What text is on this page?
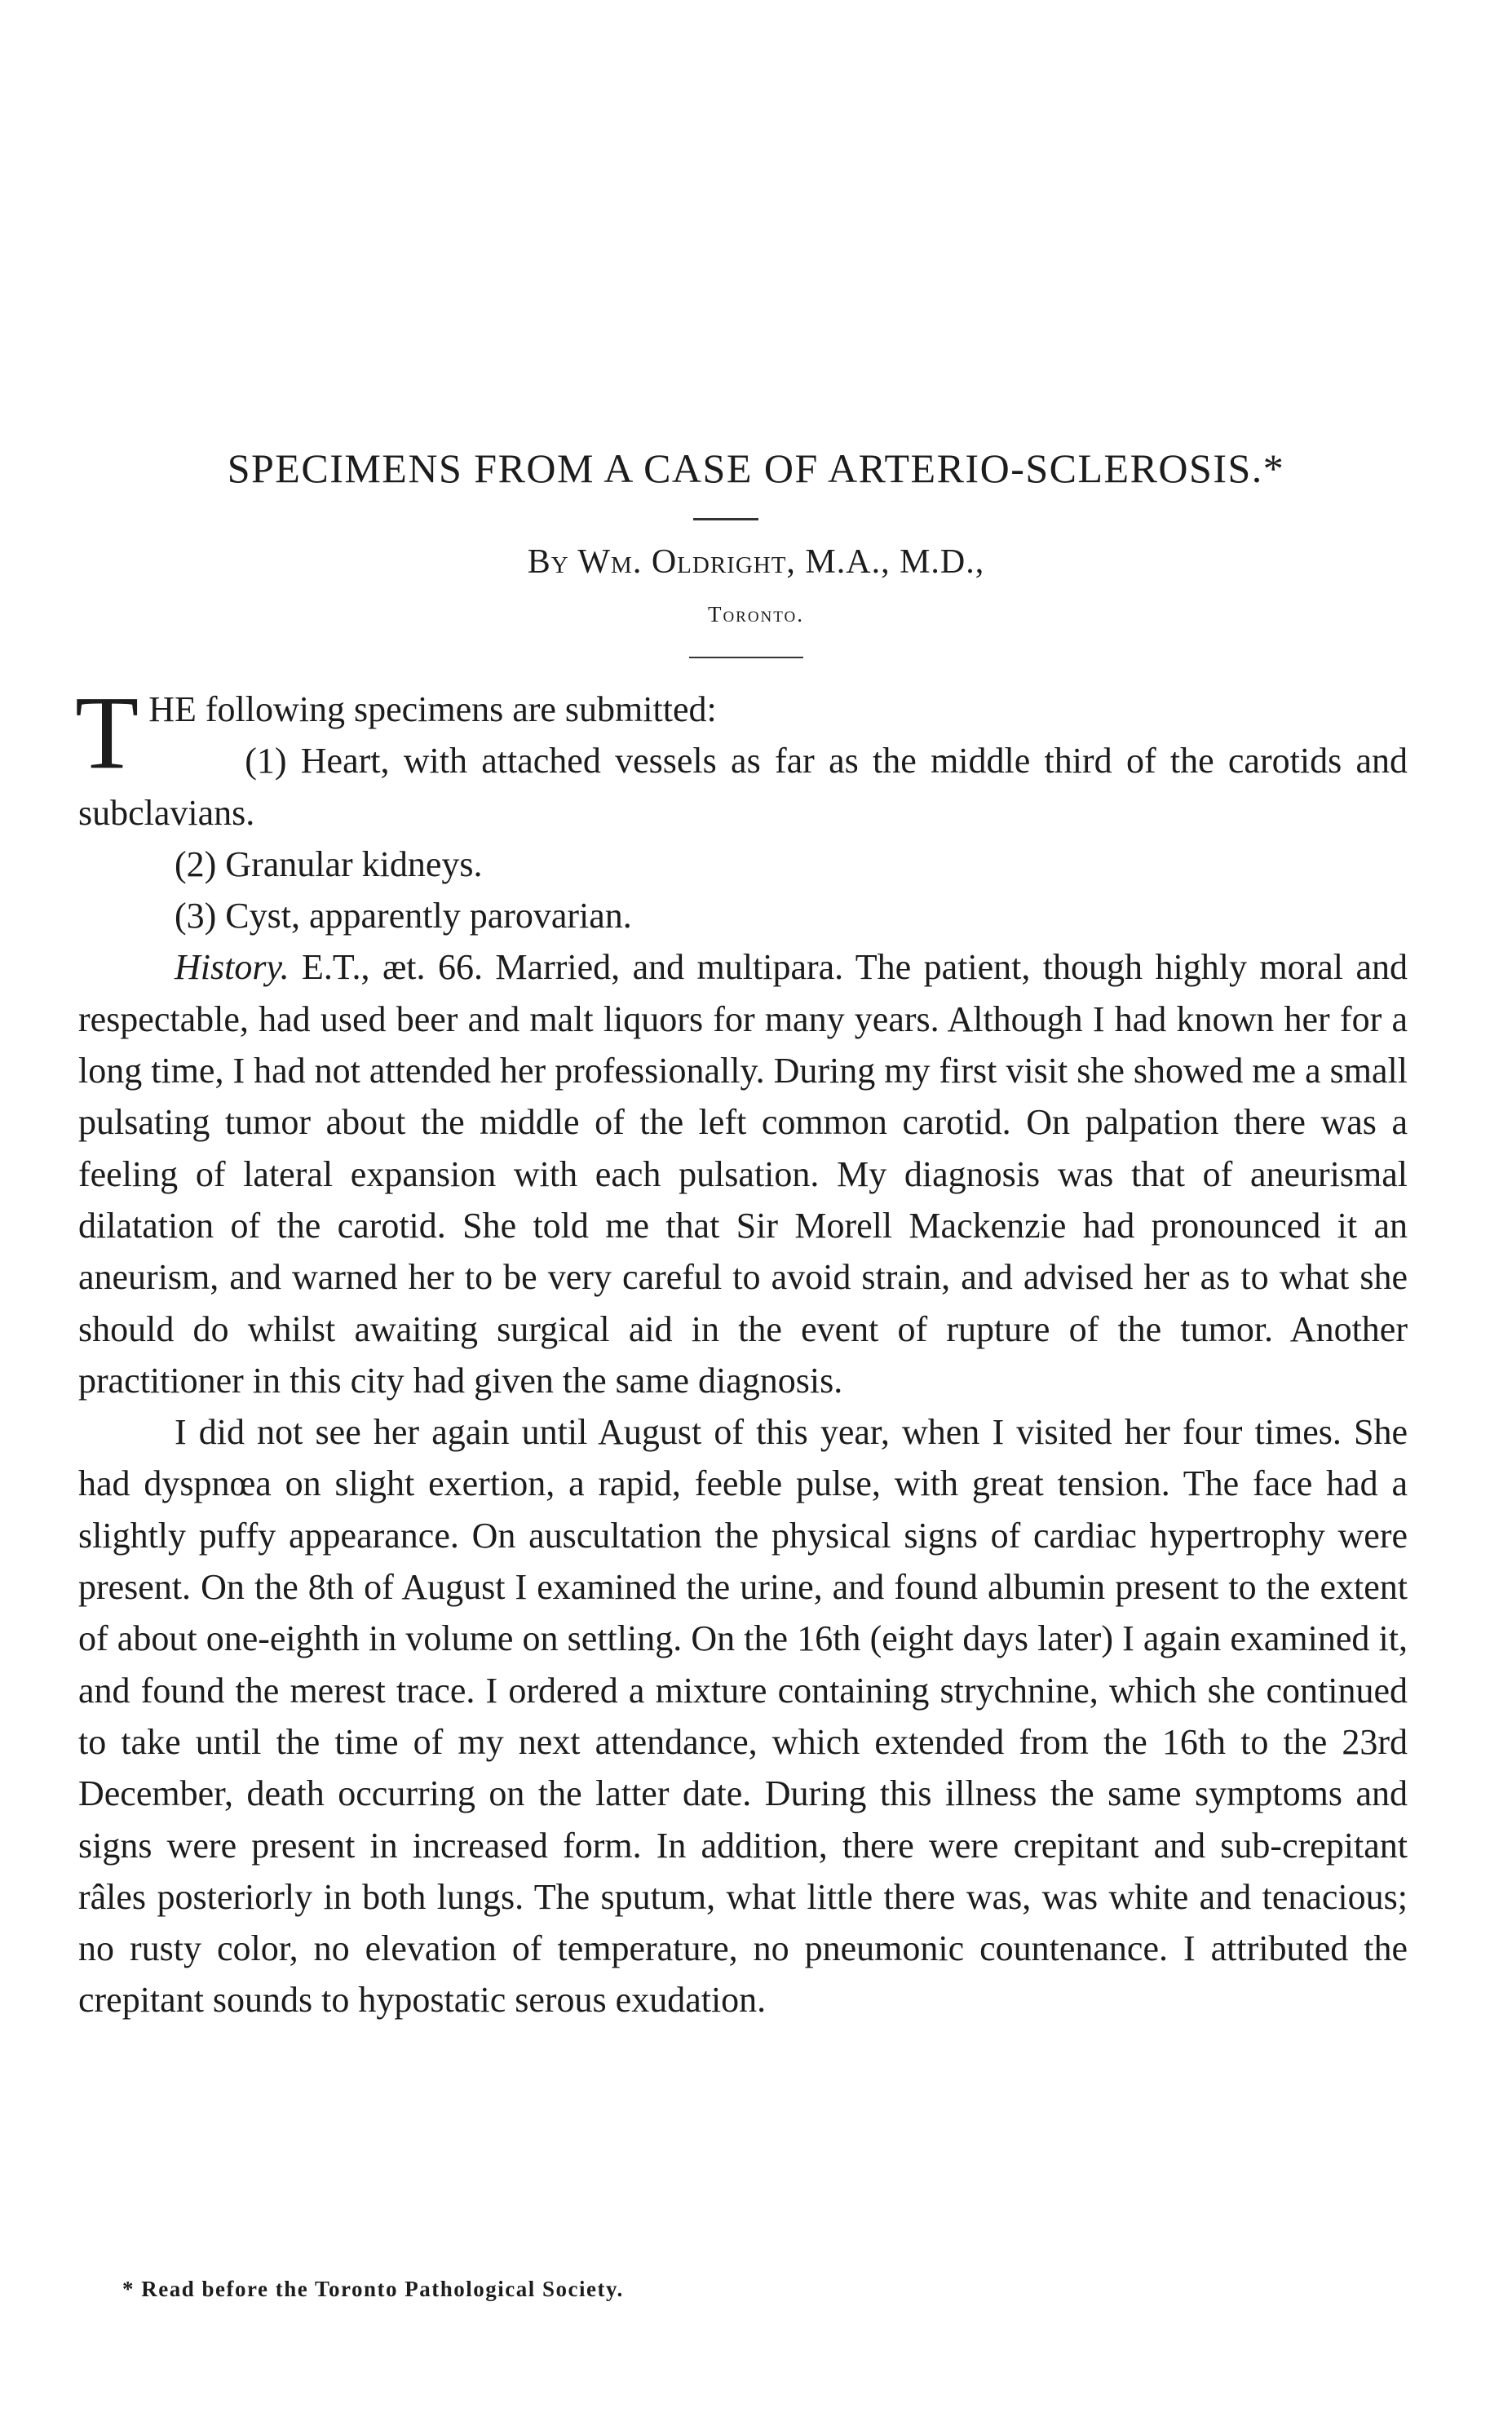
SPECIMENS FROM A CASE OF ARTERIO-SCLEROSIS.*

By Wm. Oldright, M.A., M.D.,

Toronto.

THE following specimens are submitted:

(1) Heart, with attached vessels as far as the middle third of the carotids and subclavians.

(2) Granular kidneys.

(3) Cyst, apparently parovarian.

History. E.T., æt. 66. Married, and multipara. The patient, though highly moral and respectable, had used beer and malt liquors for many years. Although I had known her for a long time, I had not attended her professionally. During my first visit she showed me a small pulsating tumor about the middle of the left common carotid. On palpation there was a feeling of lateral expansion with each pulsation. My diagnosis was that of aneurismal dilatation of the carotid. She told me that Sir Morell Mackenzie had pronounced it an aneurism, and warned her to be very careful to avoid strain, and advised her as to what she should do whilst awaiting surgical aid in the event of rupture of the tumor. Another practitioner in this city had given the same diagnosis.

I did not see her again until August of this year, when I visited her four times. She had dyspnœa on slight exertion, a rapid, feeble pulse, with great tension. The face had a slightly puffy appearance. On auscultation the physical signs of cardiac hypertrophy were present. On the 8th of August I examined the urine, and found albumin present to the extent of about one-eighth in volume on settling. On the 16th (eight days later) I again examined it, and found the merest trace. I ordered a mixture containing strychnine, which she continued to take until the time of my next attendance, which extended from the 16th to the 23rd December, death occurring on the latter date. During this illness the same symptoms and signs were present in increased form. In addition, there were crepitant and sub-crepitant râles posteriorly in both lungs. The sputum, what little there was, was white and tenacious; no rusty color, no elevation of temperature, no pneumonic countenance. I attributed the crepitant sounds to hypostatic serous exudation.

* Read before the Toronto Pathological Society.
